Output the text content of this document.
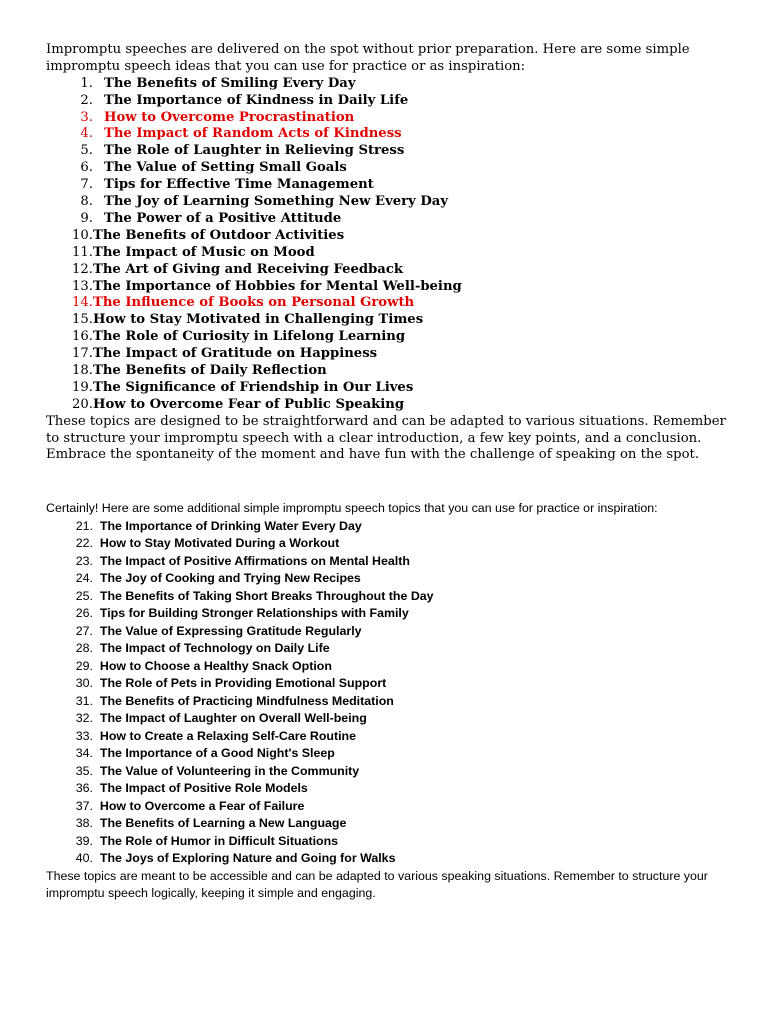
Impromptu speeches are delivered on the spot without prior preparation. Here are some simple impromptu speech ideas that you can use for practice or as inspiration:

1. The Benefits of Smiling Every Day
2. The Importance of Kindness in Daily Life
3. How to Overcome Procrastination
4. The Impact of Random Acts of Kindness
5. The Role of Laughter in Relieving Stress
6. The Value of Setting Small Goals
7. Tips for Effective Time Management
8. The Joy of Learning Something New Every Day
9. The Power of a Positive Attitude
10. The Benefits of Outdoor Activities
11. The Impact of Music on Mood
12. The Art of Giving and Receiving Feedback
13. The Importance of Hobbies for Mental Well-being
14. The Influence of Books on Personal Growth
15. How to Stay Motivated in Challenging Times
16. The Role of Curiosity in Lifelong Learning
17. The Impact of Gratitude on Happiness
18. The Benefits of Daily Reflection
19. The Significance of Friendship in Our Lives
20. How to Overcome Fear of Public Speaking

These topics are designed to be straightforward and can be adapted to various situations. Remember to structure your impromptu speech with a clear introduction, a few key points, and a conclusion. Embrace the spontaneity of the moment and have fun with the challenge of speaking on the spot.

Certainly! Here are some additional simple impromptu speech topics that you can use for practice or inspiration:

21.
The Importance of Drinking Water Every Day
22.
How to Stay Motivated During a Workout
23.
The Impact of Positive Affirmations on Mental Health
24.
The Joy of Cooking and Trying New Recipes
25.
The Benefits of Taking Short Breaks Throughout the Day
26.
Tips for Building Stronger Relationships with Family
27.
The Value of Expressing Gratitude Regularly
28.
The Impact of Technology on Daily Life
29.
How to Choose a Healthy Snack Option
30.
The Role of Pets in Providing Emotional Support
31.
The Benefits of Practicing Mindfulness Meditation
32.
The Impact of Laughter on Overall Well-being
33.
How to Create a Relaxing Self-Care Routine
34.
The Importance of a Good Night's Sleep
35.
The Value of Volunteering in the Community
36.
The Impact of Positive Role Models
37.
How to Overcome a Fear of Failure
38.
The Benefits of Learning a New Language
39.
The Role of Humor in Difficult Situations
40.
The Joys of Exploring Nature and Going for Walks

These topics are meant to be accessible and can be adapted to various speaking situations. Remember to structure your impromptu speech logically, keeping it simple and engaging.
